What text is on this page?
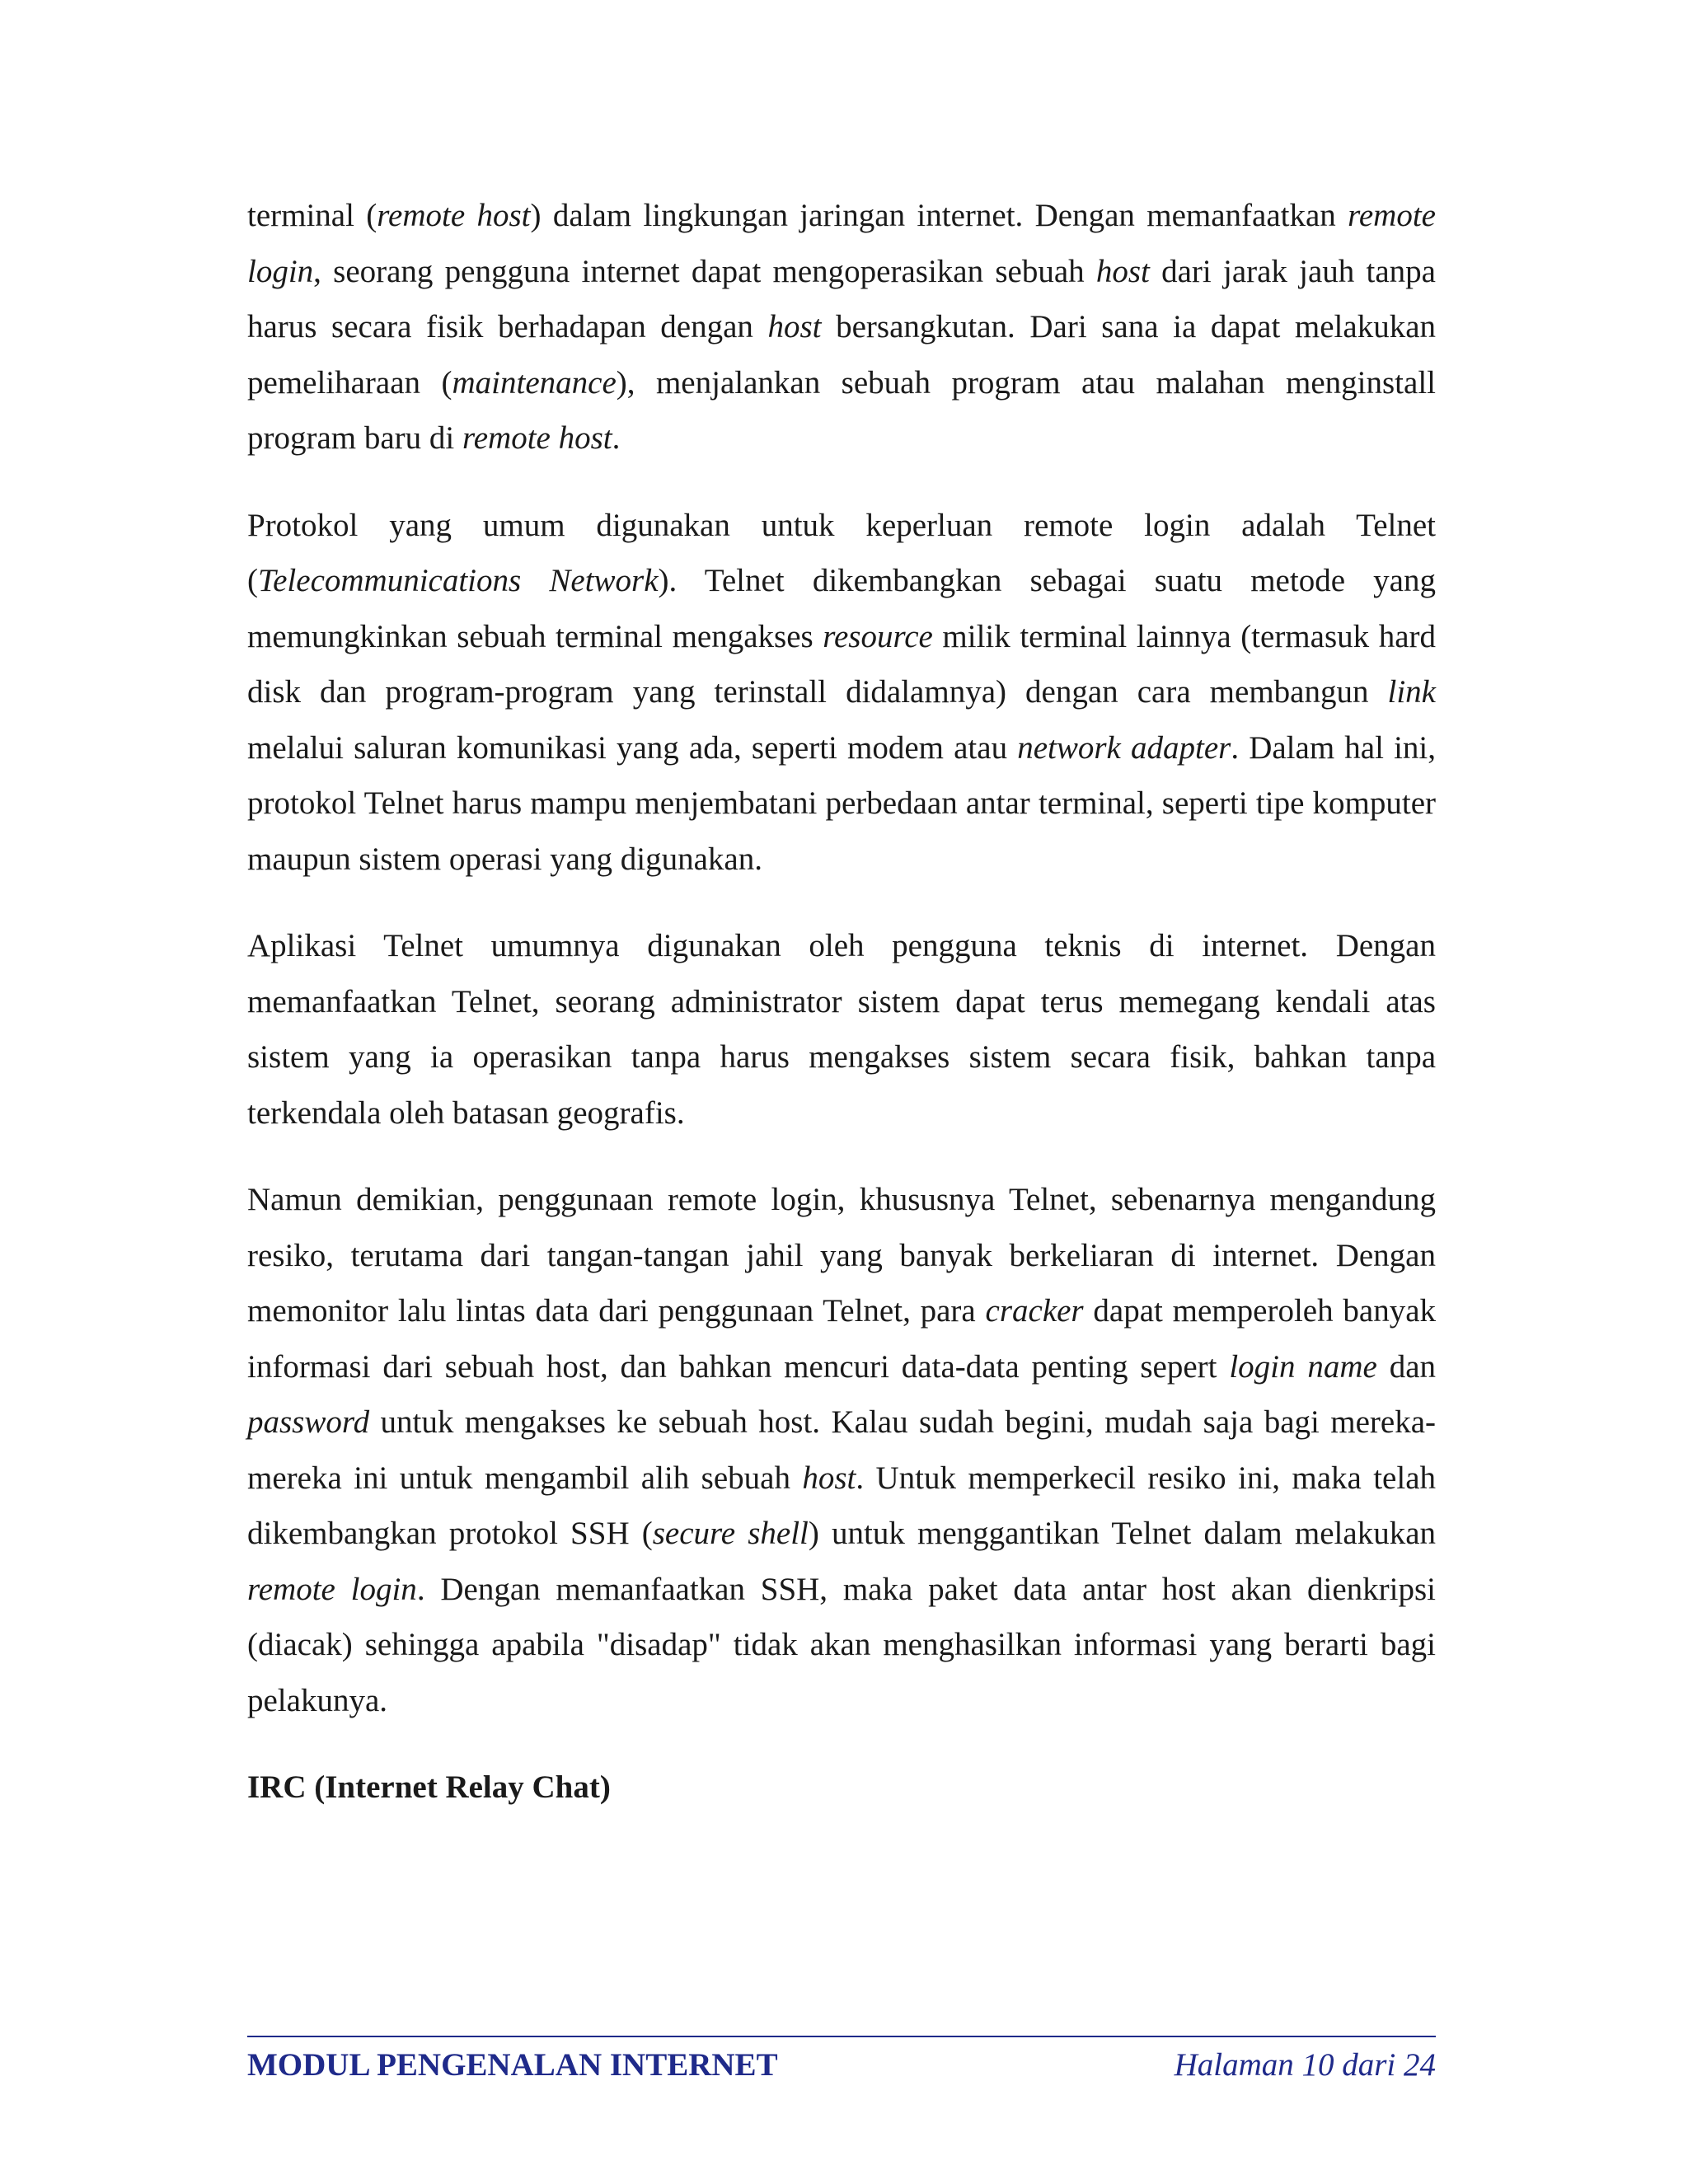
terminal (remote host) dalam lingkungan jaringan internet. Dengan memanfaatkan remote login, seorang pengguna internet dapat mengoperasikan sebuah host dari jarak jauh tanpa harus secara fisik berhadapan dengan host bersangkutan. Dari sana ia dapat melakukan pemeliharaan (maintenance), menjalankan sebuah program atau malahan menginstall program baru di remote host.

Protokol yang umum digunakan untuk keperluan remote login adalah Telnet (Telecommunications Network). Telnet dikembangkan sebagai suatu metode yang memungkinkan sebuah terminal mengakses resource milik terminal lainnya (termasuk hard disk dan program-program yang terinstall didalamnya) dengan cara membangun link melalui saluran komunikasi yang ada, seperti modem atau network adapter. Dalam hal ini, protokol Telnet harus mampu menjembatani perbedaan antar terminal, seperti tipe komputer maupun sistem operasi yang digunakan.

Aplikasi Telnet umumnya digunakan oleh pengguna teknis di internet. Dengan memanfaatkan Telnet, seorang administrator sistem dapat terus memegang kendali atas sistem yang ia operasikan tanpa harus mengakses sistem secara fisik, bahkan tanpa terkendala oleh batasan geografis.

Namun demikian, penggunaan remote login, khususnya Telnet, sebenarnya mengandung resiko, terutama dari tangan-tangan jahil yang banyak berkeliaran di internet. Dengan memonitor lalu lintas data dari penggunaan Telnet, para cracker dapat memperoleh banyak informasi dari sebuah host, dan bahkan mencuri data-data penting sepert login name dan password untuk mengakses ke sebuah host. Kalau sudah begini, mudah saja bagi mereka-mereka ini untuk mengambil alih sebuah host. Untuk memperkecil resiko ini, maka telah dikembangkan protokol SSH (secure shell) untuk menggantikan Telnet dalam melakukan remote login. Dengan memanfaatkan SSH, maka paket data antar host akan dienkripsi (diacak) sehingga apabila "disadap" tidak akan menghasilkan informasi yang berarti bagi pelakunya.

IRC (Internet Relay Chat)
MODUL PENGENALAN INTERNET	Halaman 10 dari 24
